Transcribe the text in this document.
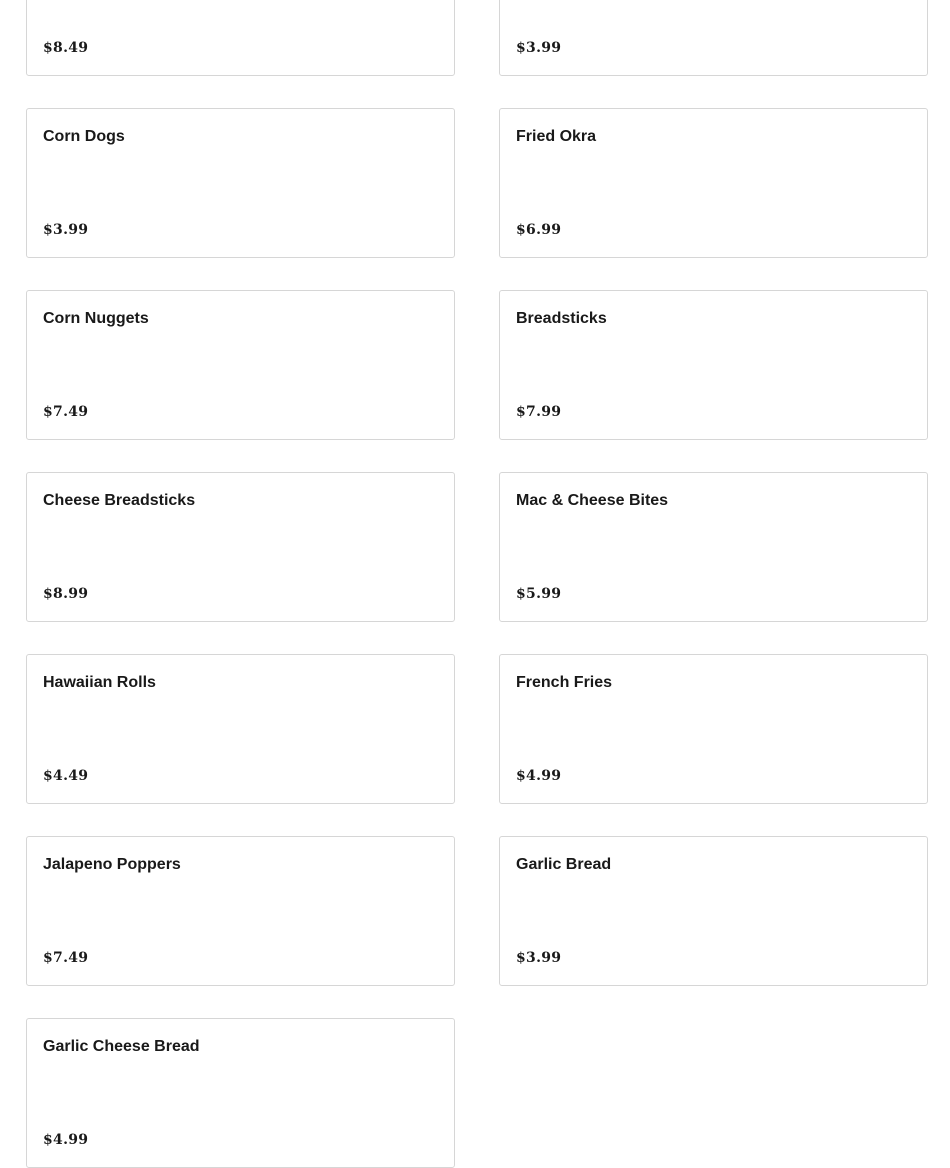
$8.49	$3.99
Corn Dogs
$3.99
Fried Okra
$6.99
Corn Nuggets
$7.49
Breadsticks
$7.99
Cheese Breadsticks
$8.99
Mac & Cheese Bites
$5.99
Hawaiian Rolls
$4.49
French Fries
$4.99
Jalapeno Poppers
$7.49
Garlic Bread
$3.99
Garlic Cheese Bread
$4.99
